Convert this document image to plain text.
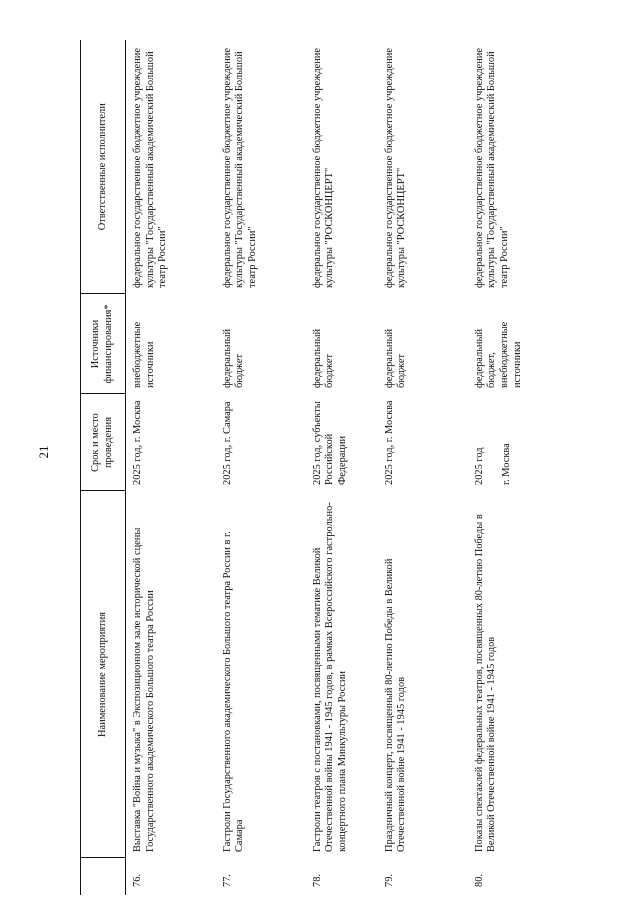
21
	Наименование мероприятия	Срок и место проведения	Источники финансирования*	Ответственные исполнители
76.	Выставка "Война и музыка" в Экспозиционном зале исторической сцены Государственного академического Большого театра России	2025 год, г. Москва	внебюджетные источники	федеральное государственное бюджетное учреждение культуры "Государственный академический Большой театр России"
77.	Гастроли Государственного академического Большого театра России в г. Самара	2025 год, г. Самара	федеральный бюджет	федеральное государственное бюджетное учреждение культуры "Государственный академический Большой театр России"
78.	Гастроли театров с постановками, посвященными тематике Великой Отечественной войны 1941 - 1945 годов, в рамках Всероссийского гастрольно-концертного плана Минкультуры России	2025 год, субъекты Российской Федерации	федеральный бюджет	федеральное государственное бюджетное учреждение культуры "РОСКОНЦЕРТ"
79.	Праздничный концерт, посвященный 80-летию Победы в Великой Отечественной войне 1941 - 1945 годов	2025 год, г. Москва	федеральный бюджет	федеральное государственное бюджетное учреждение культуры "РОСКОНЦЕРТ"
80.	Показы спектаклей федеральных театров, посвященных 80-летию Победы в Великой Отечественной войне 1941 - 1945 годов	2025 год г. Москва	федеральный бюджет, внебюджетные источники	федеральное государственное бюджетное учреждение культуры "Государственный академический Большой театр России"
